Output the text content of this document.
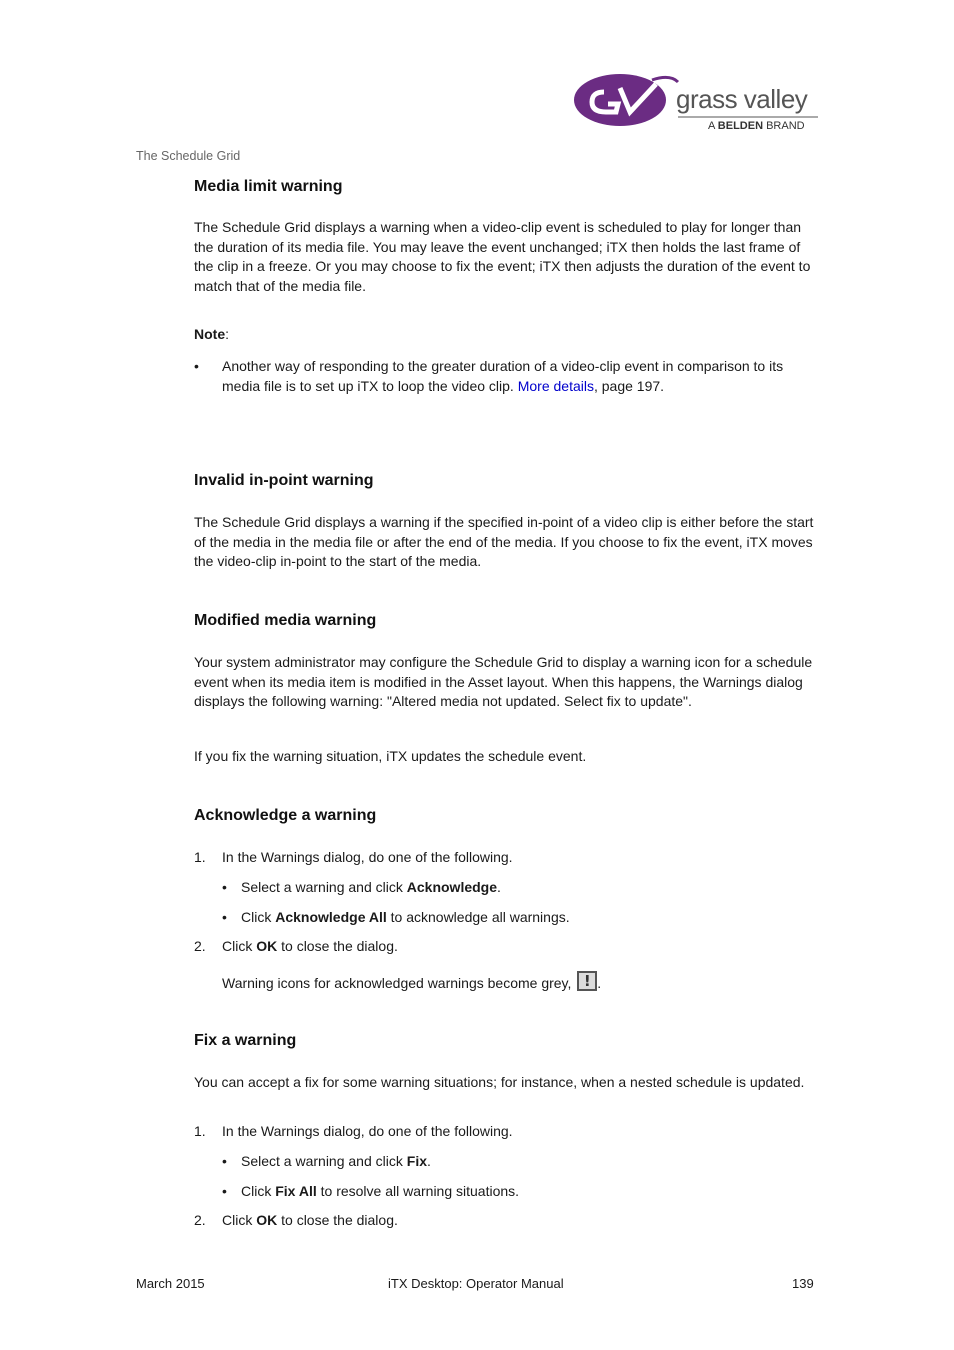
grass valley
A BELDEN BRAND
The Schedule Grid
Media limit warning
The Schedule Grid displays a warning when a video-clip event is scheduled to play for longer than the duration of its media file. You may leave the event unchanged; iTX then holds the last frame of the clip in a freeze. Or you may choose to fix the event; iTX then adjusts the duration of the event to match that of the media file.
Note:
• Another way of responding to the greater duration of a video-clip event in comparison to its media file is to set up iTX to loop the video clip. More details, page 197.
Invalid in-point warning
The Schedule Grid displays a warning if the specified in-point of a video clip is either before the start of the media in the media file or after the end of the media. If you choose to fix the event, iTX moves the video-clip in-point to the start of the media.
Modified media warning
Your system administrator may configure the Schedule Grid to display a warning icon for a schedule event when its media item is modified in the Asset layout. When this happens, the Warnings dialog displays the following warning: "Altered media not updated. Select fix to update".
If you fix the warning situation, iTX updates the schedule event.
Acknowledge a warning
1. In the Warnings dialog, do one of the following.
• Select a warning and click Acknowledge.
• Click Acknowledge All to acknowledge all warnings.
2. Click OK to close the dialog.
Warning icons for acknowledged warnings become grey, ! .
Fix a warning
You can accept a fix for some warning situations; for instance, when a nested schedule is updated.
1. In the Warnings dialog, do one of the following.
• Select a warning and click Fix.
• Click Fix All to resolve all warning situations.
2. Click OK to close the dialog.
March 2015	iTX Desktop: Operator Manual	139
